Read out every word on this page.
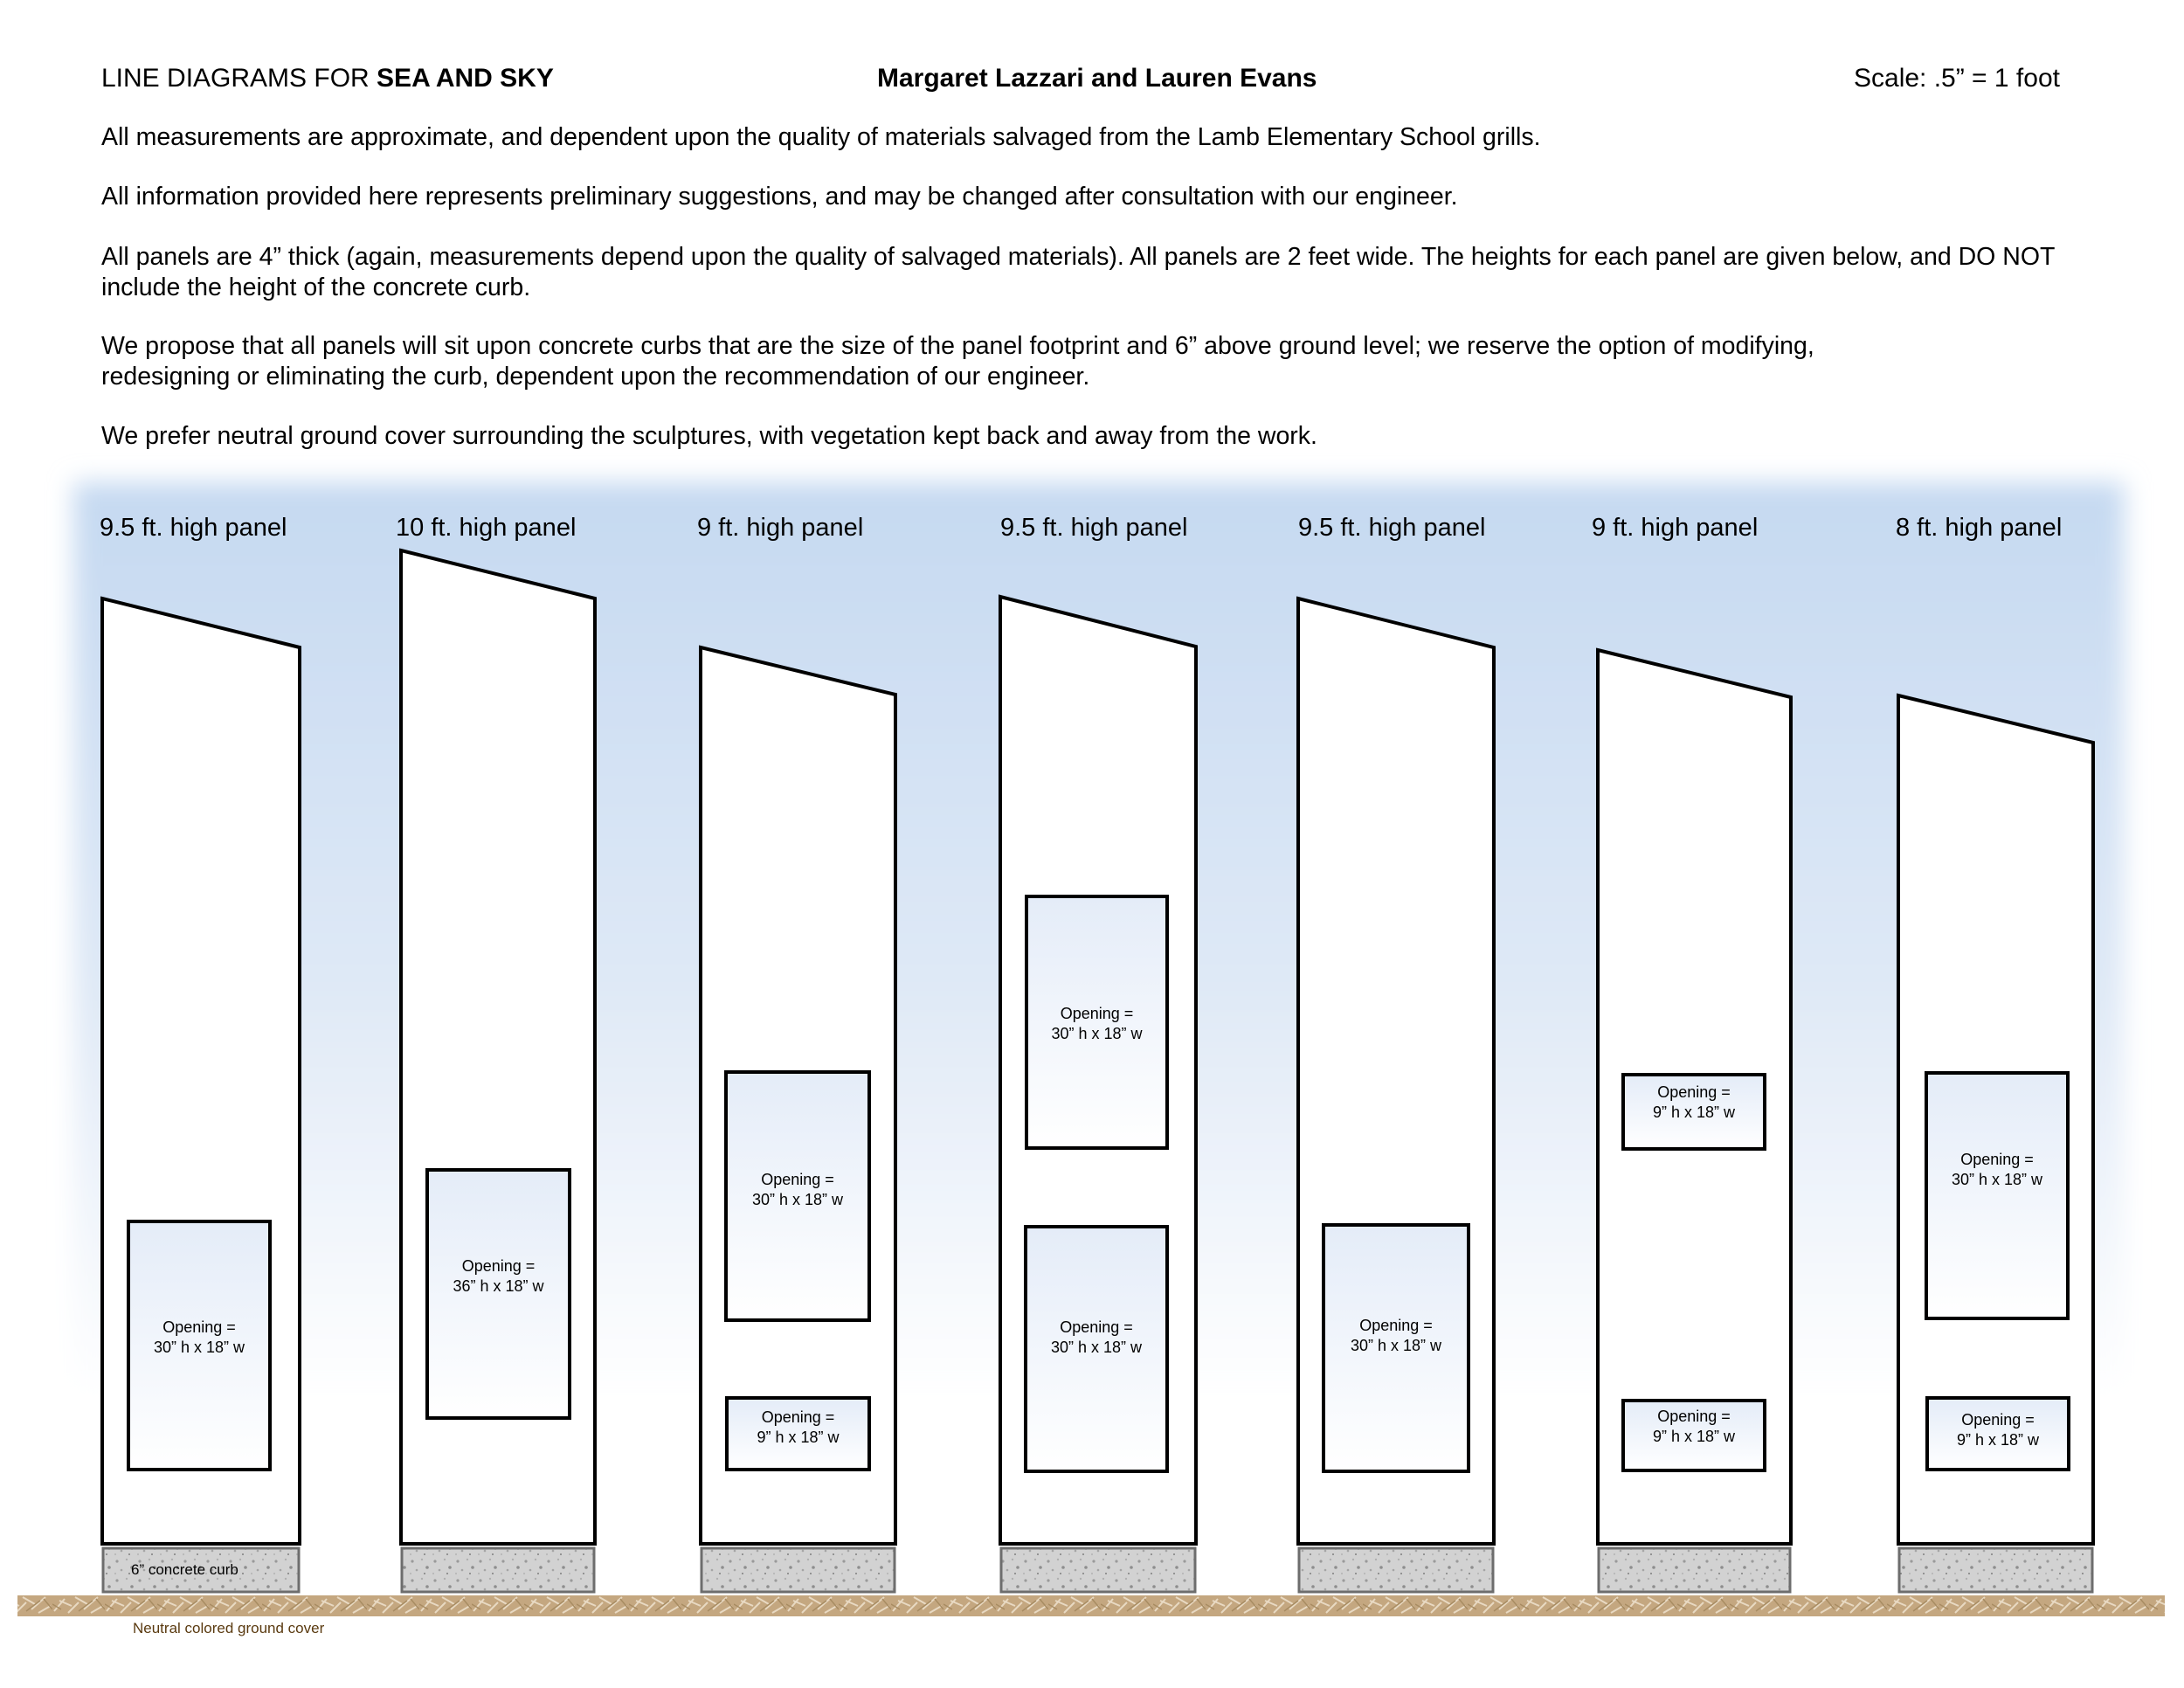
LINE DIAGRAMS FOR SEA AND SKY	Margaret Lazzari and Lauren Evans	Scale: .5” = 1 foot
All measurements are approximate, and dependent upon the quality of materials salvaged from the Lamb Elementary School grills.
All information provided here represents preliminary suggestions, and may be changed after consultation with our engineer.
All panels are 4” thick (again, measurements depend upon the quality of salvaged materials). All panels are 2 feet wide. The heights for each panel are given below, and DO NOT include the height of the concrete curb.
We propose that all panels will sit upon concrete curbs that are the size of the panel footprint and 6” above ground level; we reserve the option of modifying, redesigning or eliminating the curb, dependent upon the recommendation of our engineer.
We prefer neutral ground cover surrounding the sculptures, with vegetation kept back and away from the work.
Neutral colored ground cover
9.5 ft. high panel
Opening =
30” h x 18” w
10 ft. high panel
Opening =
36” h x 18” w
9 ft. high panel
Opening =
30” h x 18” w
Opening =
9” h x 18” w
9.5 ft. high panel
Opening =
30” h x 18” w
Opening =
30” h x 18” w
9.5 ft. high panel
Opening =
30” h x 18” w
9 ft. high panel
Opening =
9” h x 18” w
Opening =
9” h x 18” w
8 ft. high panel
Opening =
30” h x 18” w
Opening =
9” h x 18” w
6” concrete curb
